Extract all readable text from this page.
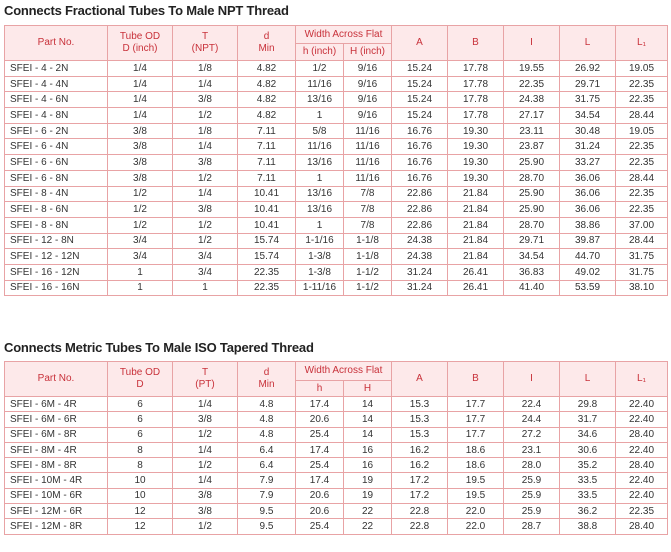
Connects Fractional Tubes To Male NPT Thread
Part No.	Tube OD
D (inch)	T
(NPT)	d
Min	Width Across Flat		A	B	I	L	L₁
				h (inch)	H (inch)					
SFEI - 4 - 2N	1/4	1/8	4.82	1/2	9/16	15.24	17.78	19.55	26.92	19.05
SFEI - 4 - 4N	1/4	1/4	4.82	11/16	9/16	15.24	17.78	22.35	29.71	22.35
SFEI - 4 - 6N	1/4	3/8	4.82	13/16	9/16	15.24	17.78	24.38	31.75	22.35
SFEI - 4 - 8N	1/4	1/2	4.82	1	9/16	15.24	17.78	27.17	34.54	28.44
SFEI - 6 - 2N	3/8	1/8	7.11	5/8	11/16	16.76	19.30	23.11	30.48	19.05
SFEI - 6 - 4N	3/8	1/4	7.11	11/16	11/16	16.76	19.30	23.87	31.24	22.35
SFEI - 6 - 6N	3/8	3/8	7.11	13/16	11/16	16.76	19.30	25.90	33.27	22.35
SFEI - 6 - 8N	3/8	1/2	7.11	1	11/16	16.76	19.30	28.70	36.06	28.44
SFEI - 8 - 4N	1/2	1/4	10.41	13/16	7/8	22.86	21.84	25.90	36.06	22.35
SFEI - 8 - 6N	1/2	3/8	10.41	13/16	7/8	22.86	21.84	25.90	36.06	22.35
SFEI - 8 - 8N	1/2	1/2	10.41	1	7/8	22.86	21.84	28.70	38.86	37.00
SFEI - 12 - 8N	3/4	1/2	15.74	1-1/16	1-1/8	24.38	21.84	29.71	39.87	28.44
SFEI - 12 - 12N	3/4	3/4	15.74	1-3/8	1-1/8	24.38	21.84	34.54	44.70	31.75
SFEI - 16 - 12N	1	3/4	22.35	1-3/8	1-1/2	31.24	26.41	36.83	49.02	31.75
SFEI - 16 - 16N	1	1	22.35	1-11/16	1-1/2	31.24	26.41	41.40	53.59	38.10
Connects Metric Tubes To Male ISO Tapered Thread
Part No.	Tube OD
D	T
(PT)	d
Min	Width Across Flat		A	B	I	L	L₁
				h	H					
SFEI - 6M - 4R	6	1/4	4.8	17.4	14	15.3	17.7	22.4	29.8	22.40
SFEI - 6M - 6R	6	3/8	4.8	20.6	14	15.3	17.7	24.4	31.7	22.40
SFEI - 6M - 8R	6	1/2	4.8	25.4	14	15.3	17.7	27.2	34.6	28.40
SFEI - 8M - 4R	8	1/4	6.4	17.4	16	16.2	18.6	23.1	30.6	22.40
SFEI - 8M - 8R	8	1/2	6.4	25.4	16	16.2	18.6	28.0	35.2	28.40
SFEI - 10M - 4R	10	1/4	7.9	17.4	19	17.2	19.5	25.9	33.5	22.40
SFEI - 10M - 6R	10	3/8	7.9	20.6	19	17.2	19.5	25.9	33.5	22.40
SFEI - 12M - 6R	12	3/8	9.5	20.6	22	22.8	22.0	25.9	36.2	22.35
SFEI - 12M - 8R	12	1/2	9.5	25.4	22	22.8	22.0	28.7	38.8	28.40
